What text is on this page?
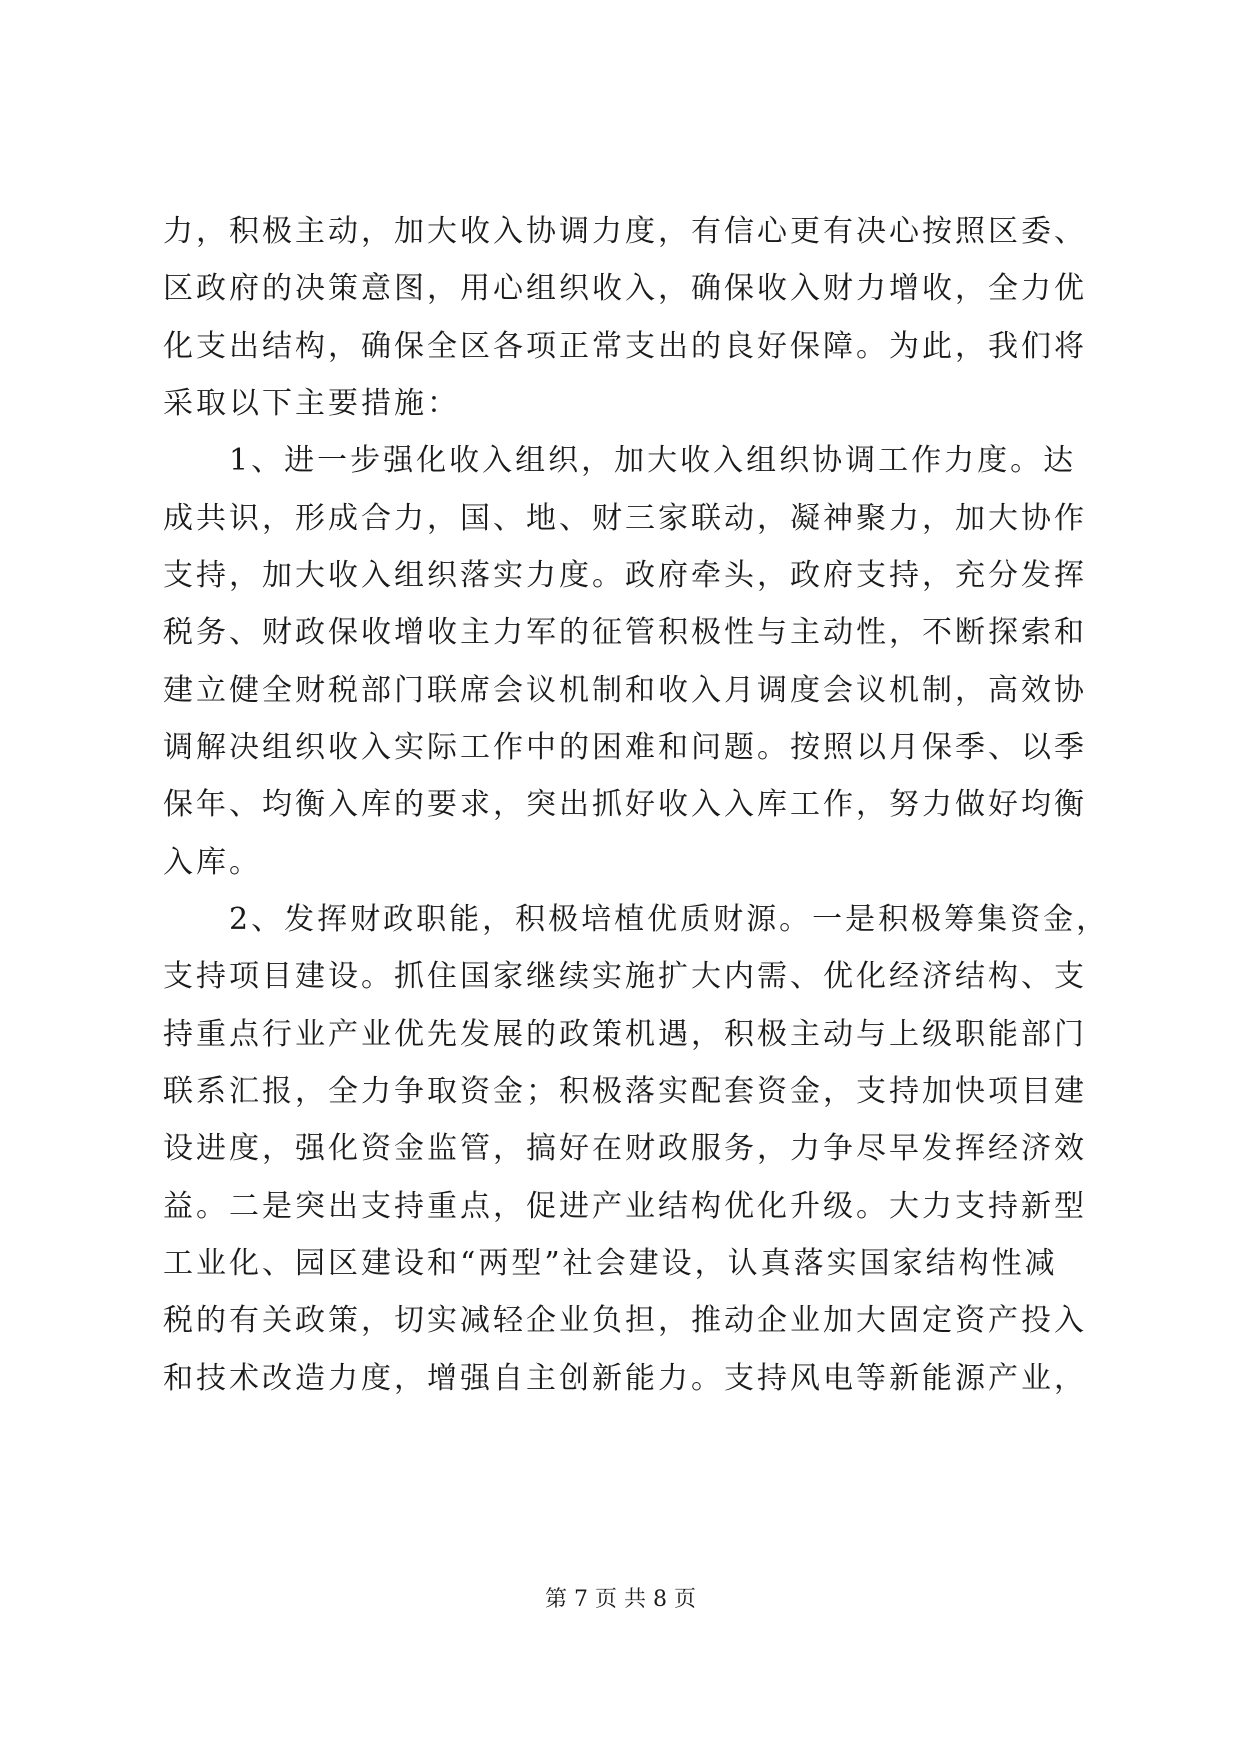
力，积极主动，加大收入协调力度，有信心更有决心按照区委、
区政府的决策意图，用心组织收入，确保收入财力增收，全力优
化支出结构，确保全区各项正常支出的良好保障。为此，我们将
采取以下主要措施：
　　1、进一步强化收入组织，加大收入组织协调工作力度。达
成共识，形成合力，国、地、财三家联动，凝神聚力，加大协作
支持，加大收入组织落实力度。政府牵头，政府支持，充分发挥
税务、财政保收增收主力军的征管积极性与主动性，不断探索和
建立健全财税部门联席会议机制和收入月调度会议机制，高效协
调解决组织收入实际工作中的困难和问题。按照以月保季、以季
保年、均衡入库的要求，突出抓好收入入库工作，努力做好均衡
入库。
　　2、发挥财政职能，积极培植优质财源。一是积极筹集资金，
支持项目建设。抓住国家继续实施扩大内需、优化经济结构、支
持重点行业产业优先发展的政策机遇，积极主动与上级职能部门
联系汇报，全力争取资金；积极落实配套资金，支持加快项目建
设进度，强化资金监管，搞好在财政服务，力争尽早发挥经济效
益。二是突出支持重点，促进产业结构优化升级。大力支持新型
工业化、园区建设和“两型”社会建设，认真落实国家结构性减
税的有关政策，切实减轻企业负担，推动企业加大固定资产投入
和技术改造力度，增强自主创新能力。支持风电等新能源产业，
第 7 页 共 8 页
